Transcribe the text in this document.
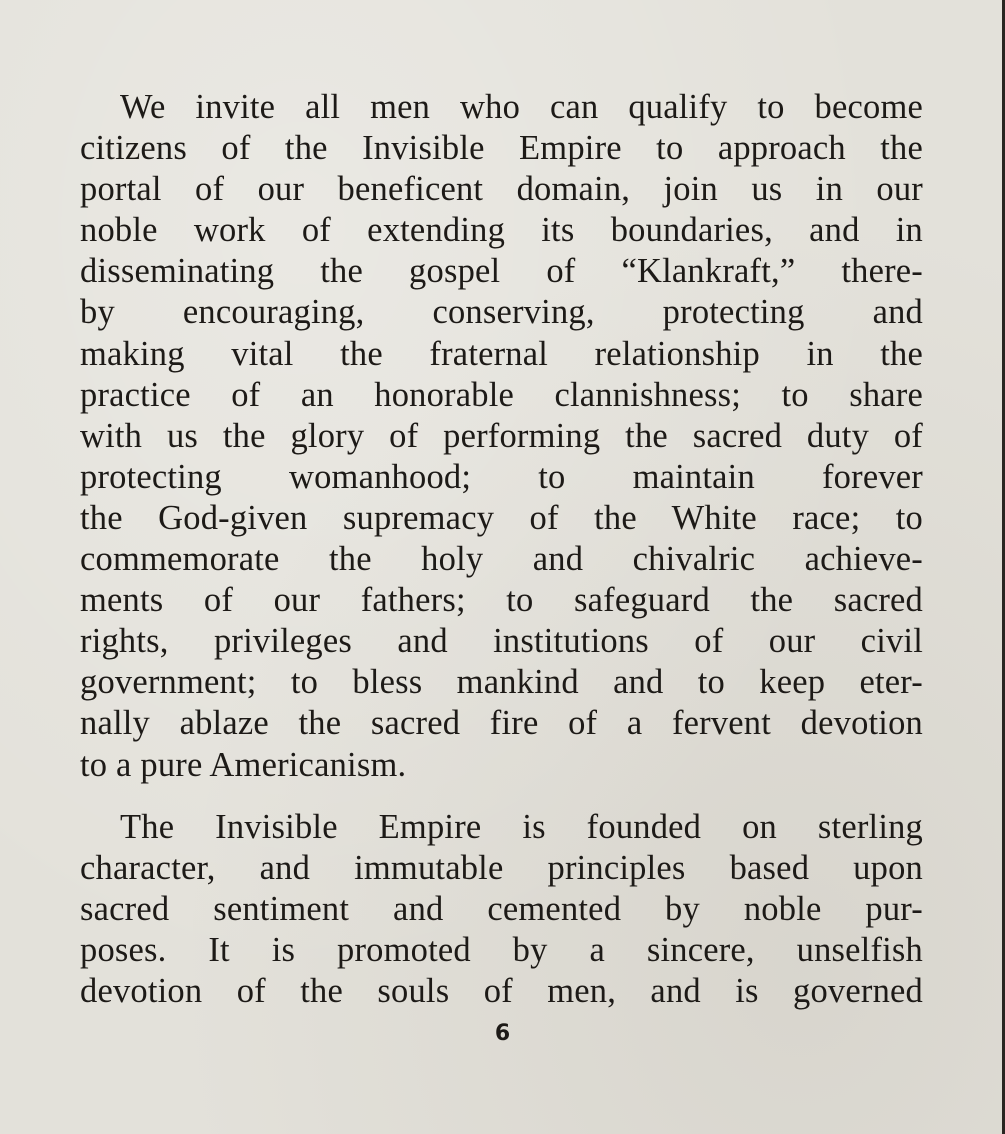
We invite all men who can qualify to become
citizens of the Invisible Empire to approach the
portal of our beneficent domain, join us in our
noble work of extending its boundaries, and in
disseminating the gospel of “Klankraft,” there-
by encouraging, conserving, protecting and
making vital the fraternal relationship in the
practice of an honorable clannishness; to share
with us the glory of performing the sacred duty of
protecting womanhood; to maintain forever
the God-given supremacy of the White race; to
commemorate the holy and chivalric achieve-
ments of our fathers; to safeguard the sacred
rights, privileges and institutions of our civil
government; to bless mankind and to keep eter-
nally ablaze the sacred fire of a fervent devotion
to a pure Americanism.
The Invisible Empire is founded on sterling
character, and immutable principles based upon
sacred sentiment and cemented by noble pur-
poses. It is promoted by a sincere, unselfish
devotion of the souls of men, and is governed
6
